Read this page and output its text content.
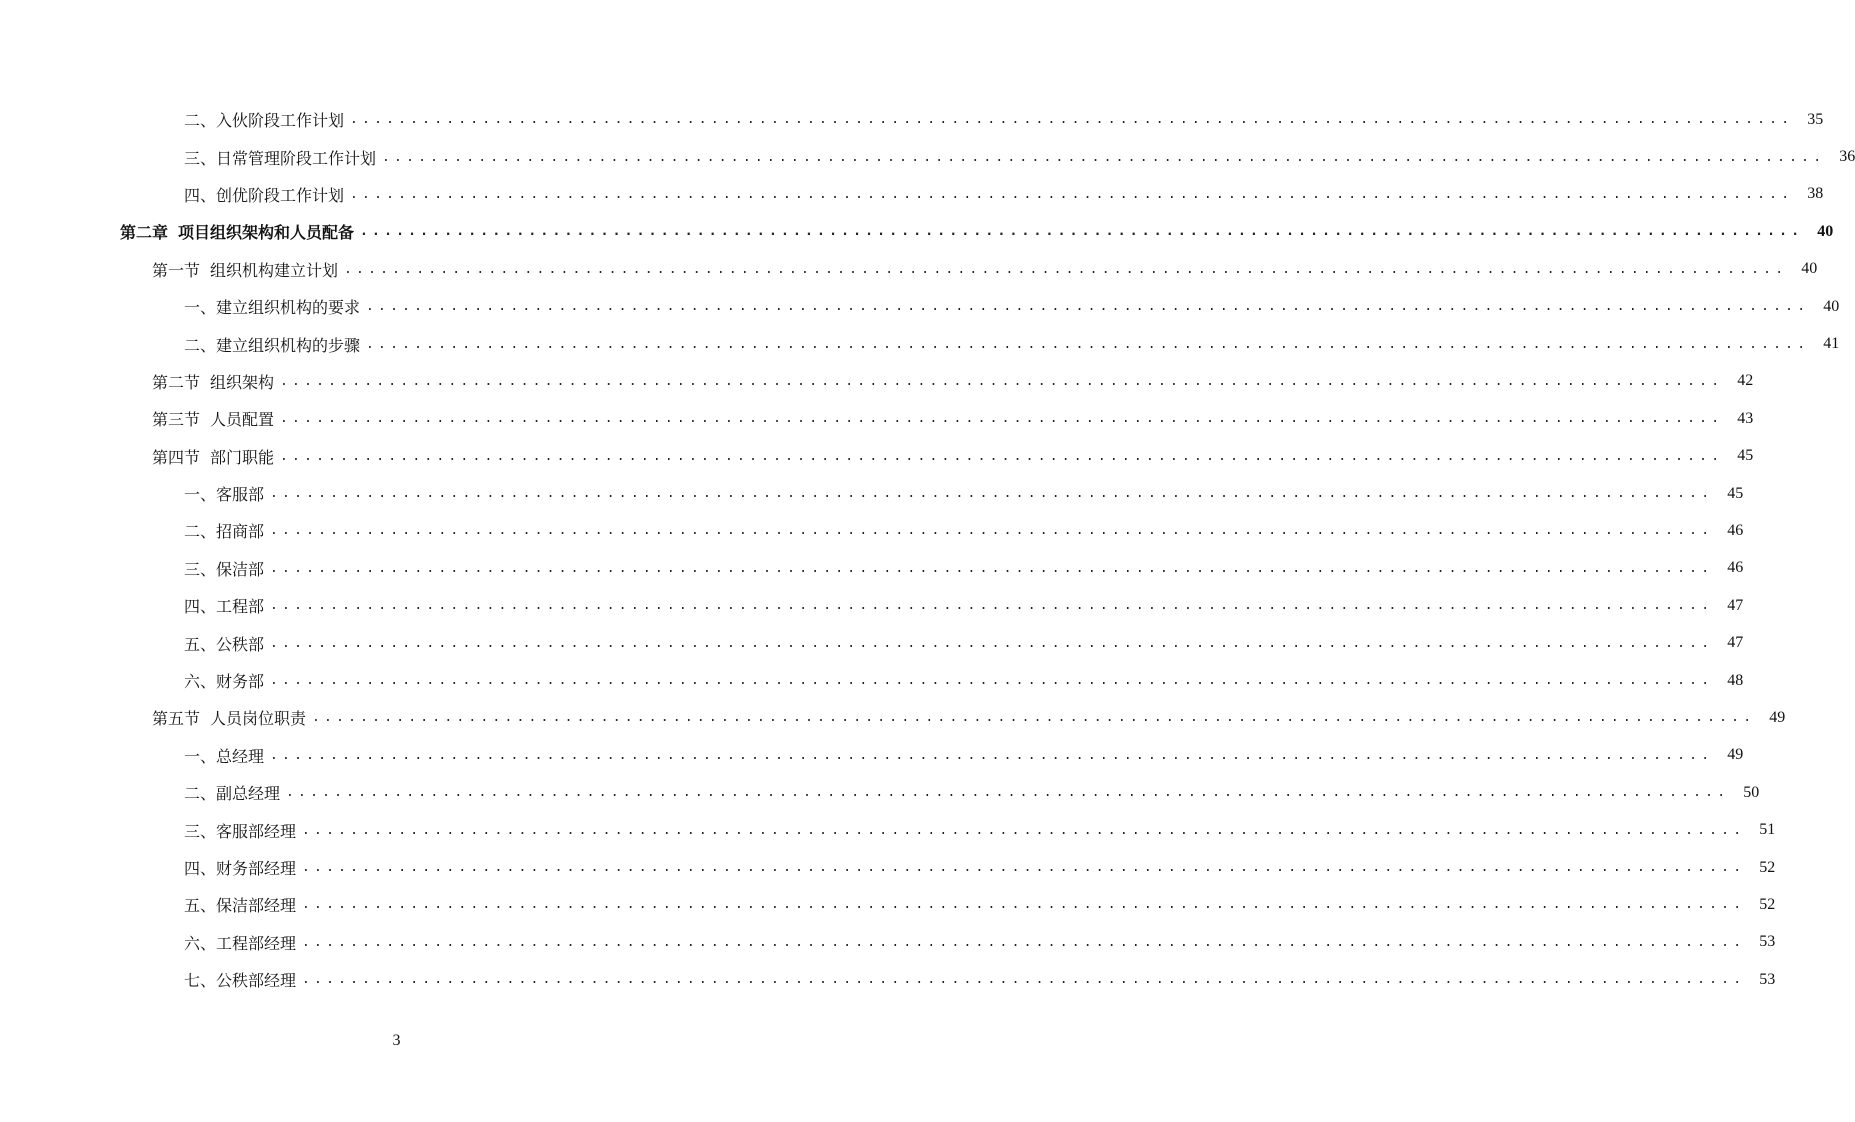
二、入伙阶段工作计划 ........................................................................................................................ 35
三、日常管理阶段工作计划 ........................................................................................................................ 36
四、创优阶段工作计划 ........................................................................................................................ 38
第二章 项目组织架构和人员配备 ........................................................................................................................ 40
第一节 组织机构建立计划 ........................................................................................................................ 40
一、建立组织机构的要求 ........................................................................................................................ 40
二、建立组织机构的步骤 ........................................................................................................................ 41
第二节 组织架构 ........................................................................................................................ 42
第三节 人员配置 ........................................................................................................................ 43
第四节 部门职能 ........................................................................................................................ 45
一、客服部 ........................................................................................................................ 45
二、招商部 ........................................................................................................................ 46
三、保洁部 ........................................................................................................................ 46
四、工程部 ........................................................................................................................ 47
五、公秩部 ........................................................................................................................ 47
六、财务部 ........................................................................................................................ 48
第五节 人员岗位职责 ........................................................................................................................ 49
一、总经理 ........................................................................................................................ 49
二、副总经理 ........................................................................................................................ 50
三、客服部经理 ........................................................................................................................ 51
四、财务部经理 ........................................................................................................................ 52
五、保洁部经理 ........................................................................................................................ 52
六、工程部经理 ........................................................................................................................ 53
七、公秩部经理 ........................................................................................................................ 53
3
